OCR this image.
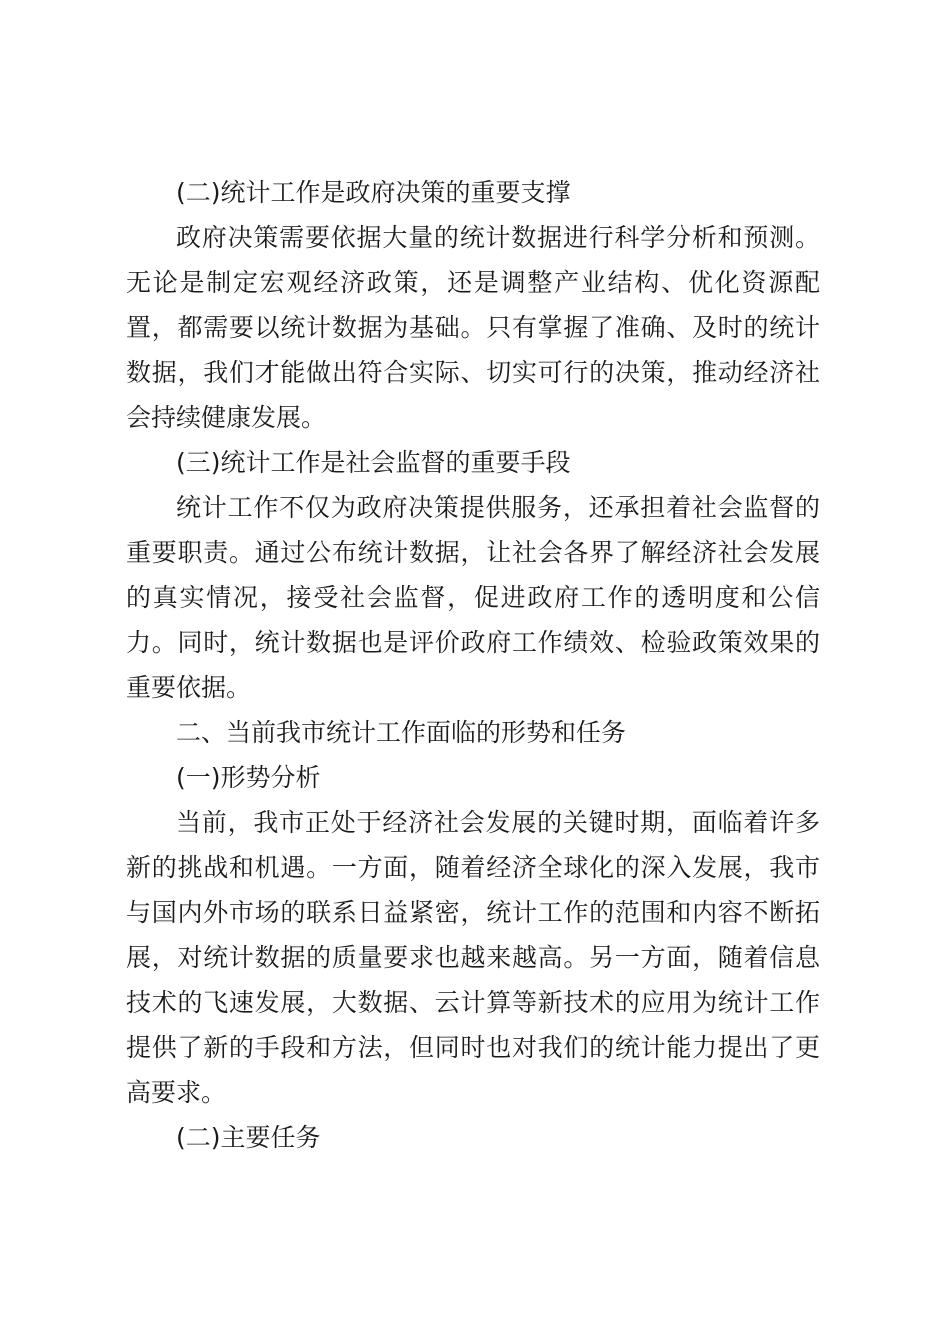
(二)统计工作是政府决策的重要支撑

政府决策需要依据大量的统计数据进行科学分析和预测。无论是制定宏观经济政策，还是调整产业结构、优化资源配置，都需要以统计数据为基础。只有掌握了准确、及时的统计数据，我们才能做出符合实际、切实可行的决策，推动经济社会持续健康发展。

(三)统计工作是社会监督的重要手段

统计工作不仅为政府决策提供服务，还承担着社会监督的重要职责。通过公布统计数据，让社会各界了解经济社会发展的真实情况，接受社会监督，促进政府工作的透明度和公信力。同时，统计数据也是评价政府工作绩效、检验政策效果的重要依据。

二、当前我市统计工作面临的形势和任务

(一)形势分析

当前，我市正处于经济社会发展的关键时期，面临着许多新的挑战和机遇。一方面，随着经济全球化的深入发展，我市与国内外市场的联系日益紧密，统计工作的范围和内容不断拓展，对统计数据的质量要求也越来越高。另一方面，随着信息技术的飞速发展，大数据、云计算等新技术的应用为统计工作提供了新的手段和方法，但同时也对我们的统计能力提出了更高要求。

(二)主要任务
